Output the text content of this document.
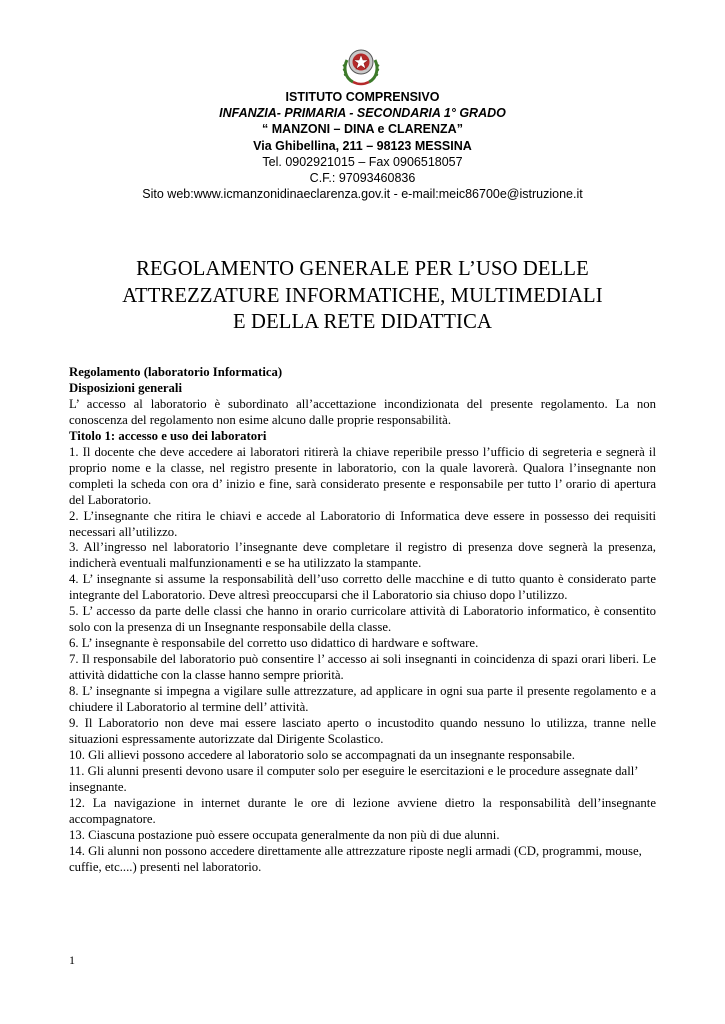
ISTITUTO COMPRENSIVO
INFANZIA- PRIMARIA - SECONDARIA 1° GRADO
“ MANZONI – DINA e CLARENZA”
Via Ghibellina, 211 – 98123 MESSINA
Tel. 0902921015 – Fax 0906518057
C.F.: 97093460836
Sito web:www.icmanzonidinaeclarenza.gov.it - e-mail:meic86700e@istruzione.it
REGOLAMENTO GENERALE PER L’USO DELLE
ATTREZZATURE INFORMATICHE, MULTIMEDIALI
E DELLA RETE DIDATTICA
Regolamento (laboratorio Informatica)
Disposizioni generali

L’ accesso al laboratorio è subordinato all’accettazione incondizionata del presente regolamento. La non conoscenza del regolamento non esime alcuno dalle proprie responsabilità.

Titolo 1: accesso e uso dei laboratori

1. Il docente che deve accedere ai laboratori ritirerà la chiave reperibile presso l’ufficio di segreteria e segnerà il proprio nome e la classe, nel registro presente in laboratorio, con la quale lavorerà. Qualora l’insegnante non completi la scheda con ora d’ inizio e fine, sarà considerato presente e responsabile per tutto l’ orario di apertura del Laboratorio.

2. L’insegnante che ritira le chiavi e accede al Laboratorio di Informatica deve essere in possesso dei requisiti necessari all’utilizzo.

3. All’ingresso nel laboratorio l’insegnante deve completare il registro di presenza dove segnerà la presenza, indicherà eventuali malfunzionamenti e se ha utilizzato la stampante.

4. L’ insegnante si assume la responsabilità dell’uso corretto delle macchine e di tutto quanto è considerato parte integrante del Laboratorio. Deve altresì preoccuparsi che il Laboratorio sia chiuso dopo l’utilizzo.

5. L’ accesso da parte delle classi che hanno in orario curricolare attività di Laboratorio informatico, è consentito solo con la presenza di un Insegnante responsabile della classe.

6. L’ insegnante è responsabile del corretto uso didattico di hardware e software.

7. Il responsabile del laboratorio può consentire l’ accesso ai soli insegnanti in coincidenza di spazi orari liberi. Le attività didattiche con la classe hanno sempre priorità.

8. L’ insegnante si impegna a vigilare sulle attrezzature, ad applicare in ogni sua parte il presente regolamento e a chiudere il Laboratorio al termine dell’ attività.

9. Il Laboratorio non deve mai essere lasciato aperto o incustodito quando nessuno lo utilizza, tranne nelle situazioni espressamente autorizzate dal Dirigente Scolastico.

10. Gli allievi possono accedere al laboratorio solo se accompagnati da un insegnante responsabile.

11. Gli alunni presenti devono usare il computer solo per eseguire le esercitazioni e le procedure assegnate dall’ insegnante.

12. La navigazione in internet durante le ore di lezione avviene dietro la responsabilità dell’insegnante accompagnatore.

13. Ciascuna postazione può essere occupata generalmente da non più di due alunni.

14. Gli alunni non possono accedere direttamente alle attrezzature riposte negli armadi (CD, programmi, mouse, cuffie, etc....) presenti nel laboratorio.

1
